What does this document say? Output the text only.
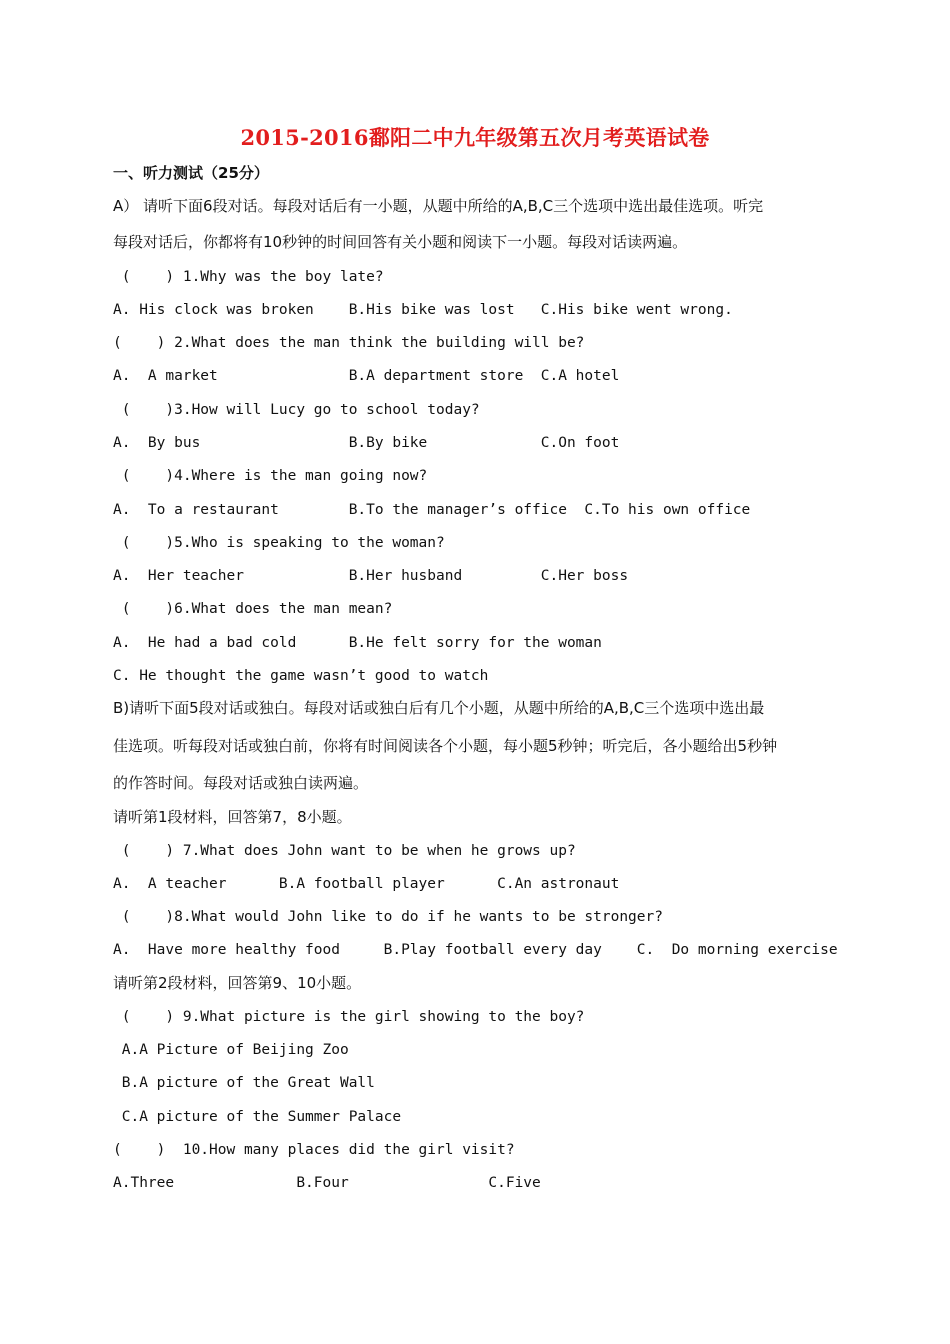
2015-2016鄱阳二中九年级第五次月考英语试卷
一、听力测试（25分）
A） 请听下面6段对话。每段对话后有一小题，从题中所给的A,B,C三个选项中选出最佳选项。听完
每段对话后，你都将有10秒钟的时间回答有关小题和阅读下一小题。每段对话读两遍。
(    ) 1.Why was the boy late?
A. His clock was broken    B.His bike was lost   C.His bike went wrong.
(    ) 2.What does the man think the building will be?
A.  A market               B.A department store  C.A hotel
(    )3.How will Lucy go to school today?
A.  By bus                 B.By bike             C.On foot
(    )4.Where is the man going now?
A.  To a restaurant        B.To the manager’s office  C.To his own office
(    )5.Who is speaking to the woman?
A.  Her teacher            B.Her husband         C.Her boss
(    )6.What does the man mean?
A.  He had a bad cold      B.He felt sorry for the woman
C. He thought the game wasn’t good to watch
B)请听下面5段对话或独白。每段对话或独白后有几个小题，从题中所给的A,B,C三个选项中选出最
佳选项。听每段对话或独白前，你将有时间阅读各个小题，每小题5秒钟；听完后，各小题给出5秒钟
的作答时间。每段对话或独白读两遍。
请听第1段材料，回答第7，8小题。
(    ) 7.What does John want to be when he grows up?
A.  A teacher      B.A football player      C.An astronaut
(    )8.What would John like to do if he wants to be stronger?
A.  Have more healthy food     B.Play football every day    C.  Do morning exercise
请听第2段材料，回答第9、10小题。
(    ) 9.What picture is the girl showing to the boy?
A.A Picture of Beijing Zoo
B.A picture of the Great Wall
C.A picture of the Summer Palace
(    )  10.How many places did the girl visit?
A.Three              B.Four                C.Five
